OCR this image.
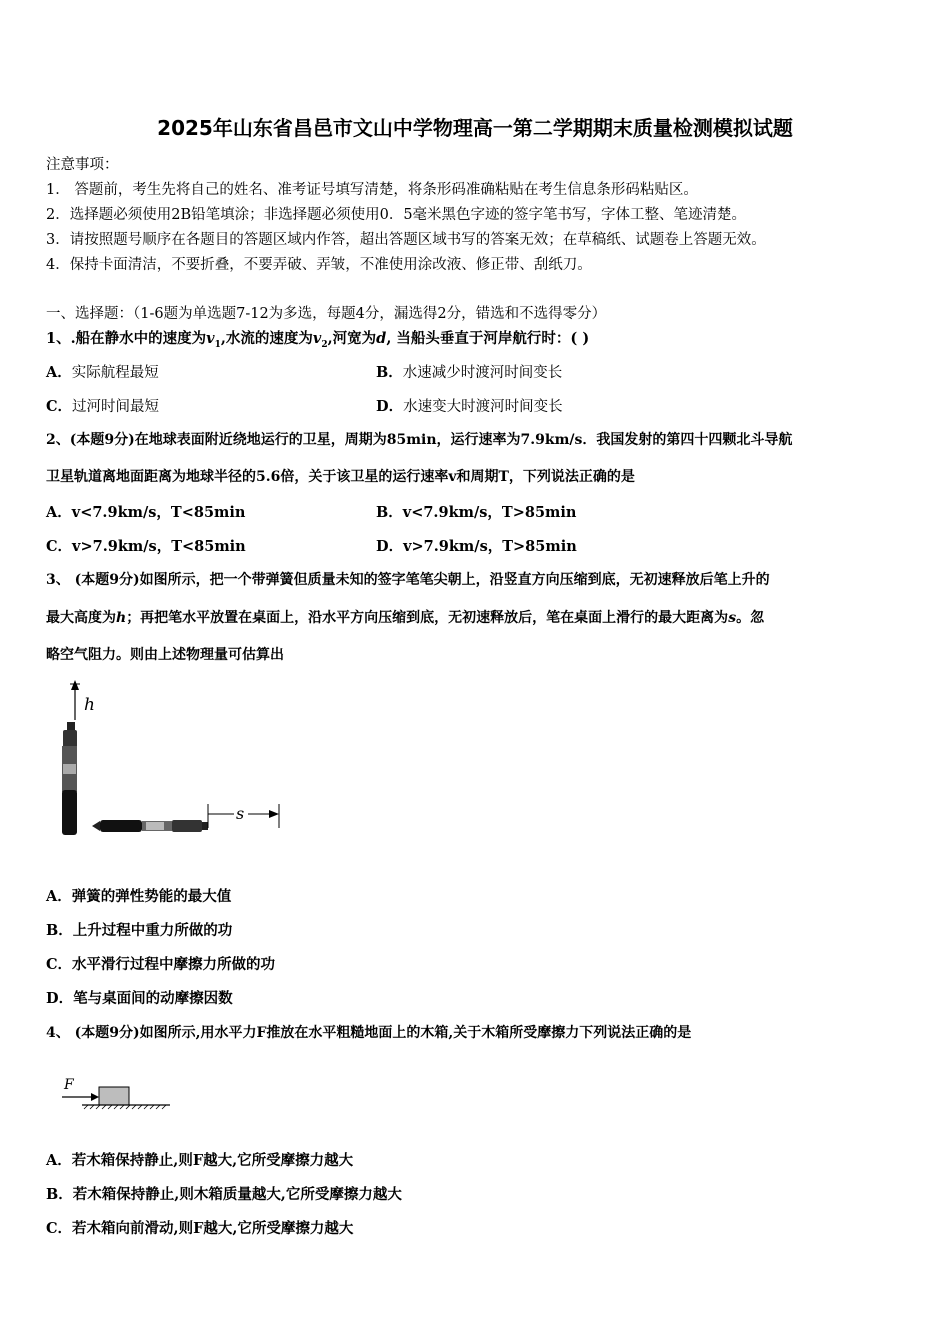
2025年山东省昌邑市文山中学物理高一第二学期期末质量检测模拟试题
注意事项：
1． 答题前，考生先将自己的姓名、准考证号填写清楚，将条形码准确粘贴在考生信息条形码粘贴区。
2．选择题必须使用2B铅笔填涂；非选择题必须使用0．5毫米黑色字迹的签字笔书写，字体工整、笔迹清楚。
3．请按照题号顺序在各题目的答题区域内作答，超出答题区域书写的答案无效；在草稿纸、试题卷上答题无效。
4．保持卡面清洁，不要折叠，不要弄破、弄皱，不准使用涂改液、修正带、刮纸刀。
一、选择题：（1-6题为单选题7-12为多选，每题4分，漏选得2分，错选和不选得零分）
1、.船在静水中的速度为$v_1$,水流的速度为$v_2$,河宽为d, 当船头垂直于河岸航行时：( )
A．实际航程最短	B．水速减少时渡河时间变长
C．过河时间最短	D．水速变大时渡河时间变长
2、(本题9分)在地球表面附近绕地运行的卫星，周期为85min，运行速率为7.9km/s．我国发射的第四十四颗北斗导航
卫星轨道离地面距离为地球半径的5.6倍，关于该卫星的运行速率v和周期T，下列说法正确的是
A．v<7.9km/s，T<85min	B．v<7.9km/s，T>85min
C．v>7.9km/s，T<85min	D．v>7.9km/s，T>85min
3、 (本题9分)如图所示，把一个带弹簧但质量未知的签字笔笔尖朝上，沿竖直方向压缩到底，无初速释放后笔上升的
最大高度为h；再把笔水平放置在桌面上，沿水平方向压缩到底，无初速释放后，笔在桌面上滑行的最大距离为s。忽
略空气阻力。则由上述物理量可估算出
h
s
A．弹簧的弹性势能的最大值
B．上升过程中重力所做的功
C．水平滑行过程中摩擦力所做的功
D．笔与桌面间的动摩擦因数
4、 (本题9分)如图所示,用水平力F推放在水平粗糙地面上的木箱,关于木箱所受摩擦力下列说法正确的是
F
A．若木箱保持静止,则F越大,它所受摩擦力越大
B．若木箱保持静止,则木箱质量越大,它所受摩擦力越大
C．若木箱向前滑动,则F越大,它所受摩擦力越大
